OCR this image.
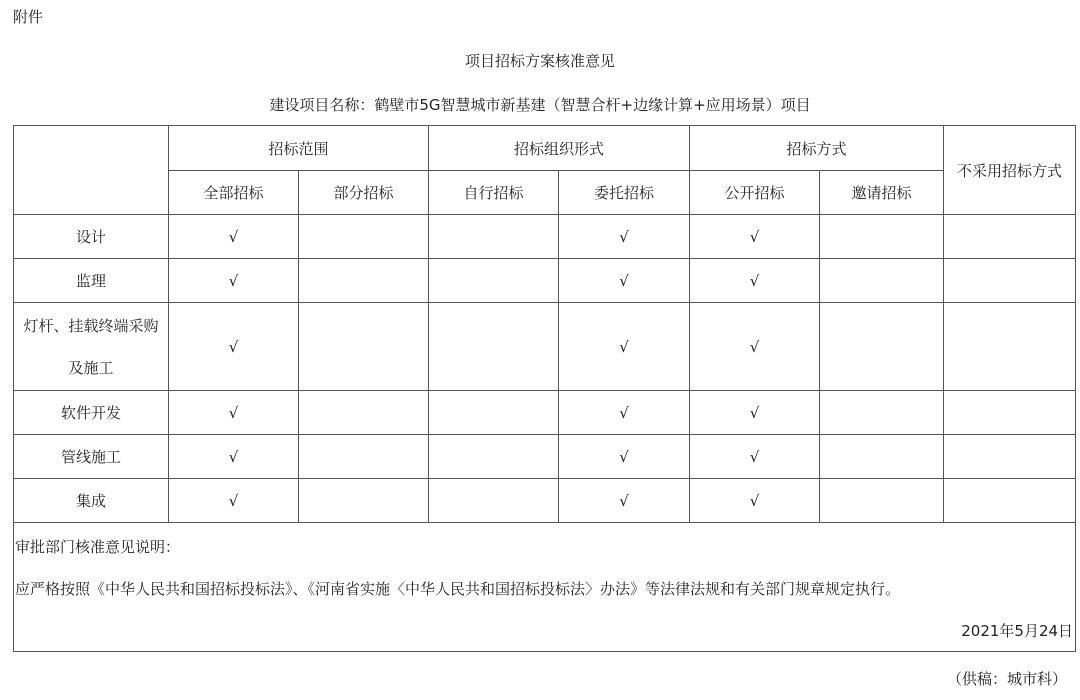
附件
项目招标方案核准意见
建设项目名称：鹤壁市5G智慧城市新基建（智慧合杆+边缘计算+应用场景）项目
	招标范围		招标组织形式		招标方式		不采用招标方式
	全部招标	部分招标	自行招标	委托招标	公开招标	邀请招标	
设计	√			√	√		
监理	√			√	√		
灯杆、挂载终端采购
及施工	√			√	√		
软件开发	√			√	√		
管线施工	√			√	√		
集成	√			√	√		

审批部门核准意见说明：
应严格按照《中华人民共和国招标投标法》、《河南省实施〈中华人民共和国招标投标法〉办法》等法律法规和有关部门规章规定执行。
2021年5月24日							
（供稿：城市科）
